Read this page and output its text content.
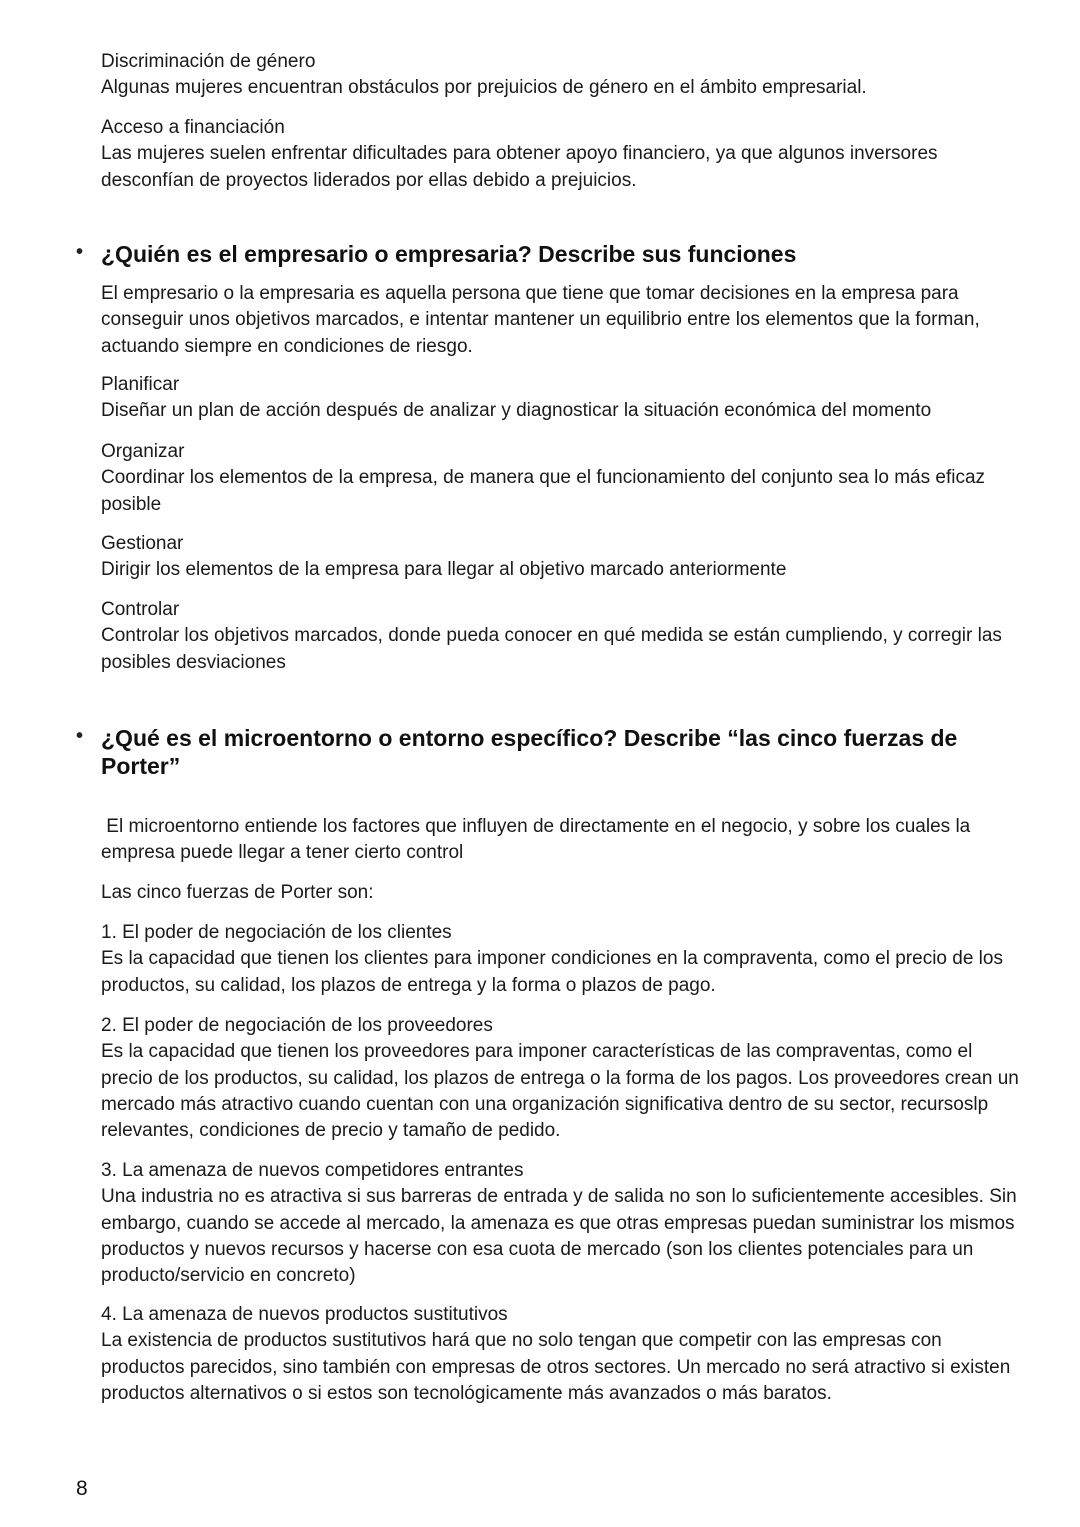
Discriminación de género

Algunas mujeres encuentran obstáculos por prejuicios de género en el ámbito empresarial.

Acceso a financiación

Las mujeres suelen enfrentar dificultades para obtener apoyo financiero, ya que algunos inversores desconfían de proyectos liderados por ellas debido a prejuicios.

• ¿Quién es el empresario o empresaria? Describe sus funciones

El empresario o la empresaria es aquella persona que tiene que tomar decisiones en la empresa para conseguir unos objetivos marcados, e intentar mantener un equilibrio entre los elementos que la forman, actuando siempre en condiciones de riesgo.

Planificar

Diseñar un plan de acción después de analizar y diagnosticar la situación económica del momento

Organizar

Coordinar los elementos de la empresa, de manera que el funcionamiento del conjunto sea lo más eficaz posible

Gestionar

Dirigir los elementos de la empresa para llegar al objetivo marcado anteriormente

Controlar

Controlar los objetivos marcados, donde pueda conocer en qué medida se están cumpliendo, y corregir las posibles desviaciones

• ¿Qué es el microentorno o entorno específico? Describe “las cinco fuerzas de Porter”

El microentorno entiende los factores que influyen de directamente en el negocio, y sobre los cuales la empresa puede llegar a tener cierto control

Las cinco fuerzas de Porter son:

1. El poder de negociación de los clientes

Es la capacidad que tienen los clientes para imponer condiciones en la compraventa, como el precio de los productos, su calidad, los plazos de entrega y la forma o plazos de pago.

2. El poder de negociación de los proveedores

Es la capacidad que tienen los proveedores para imponer características de las compraventas, como el precio de los productos, su calidad, los plazos de entrega o la forma de los pagos. Los proveedores crean un mercado más atractivo cuando cuentan con una organización significativa dentro de su sector, recursoslp relevantes, condiciones de precio y tamaño de pedido.

3. La amenaza de nuevos competidores entrantes

Una industria no es atractiva si sus barreras de entrada y de salida no son lo suficientemente accesibles. Sin embargo, cuando se accede al mercado, la amenaza es que otras empresas puedan suministrar los mismos productos y nuevos recursos y hacerse con esa cuota de mercado (son los clientes potenciales para un producto/servicio en concreto)

4. La amenaza de nuevos productos sustitutivos

La existencia de productos sustitutivos hará que no solo tengan que competir con las empresas con productos parecidos, sino también con empresas de otros sectores. Un mercado no será atractivo si existen productos alternativos o si estos son tecnológicamente más avanzados o más baratos.

8
